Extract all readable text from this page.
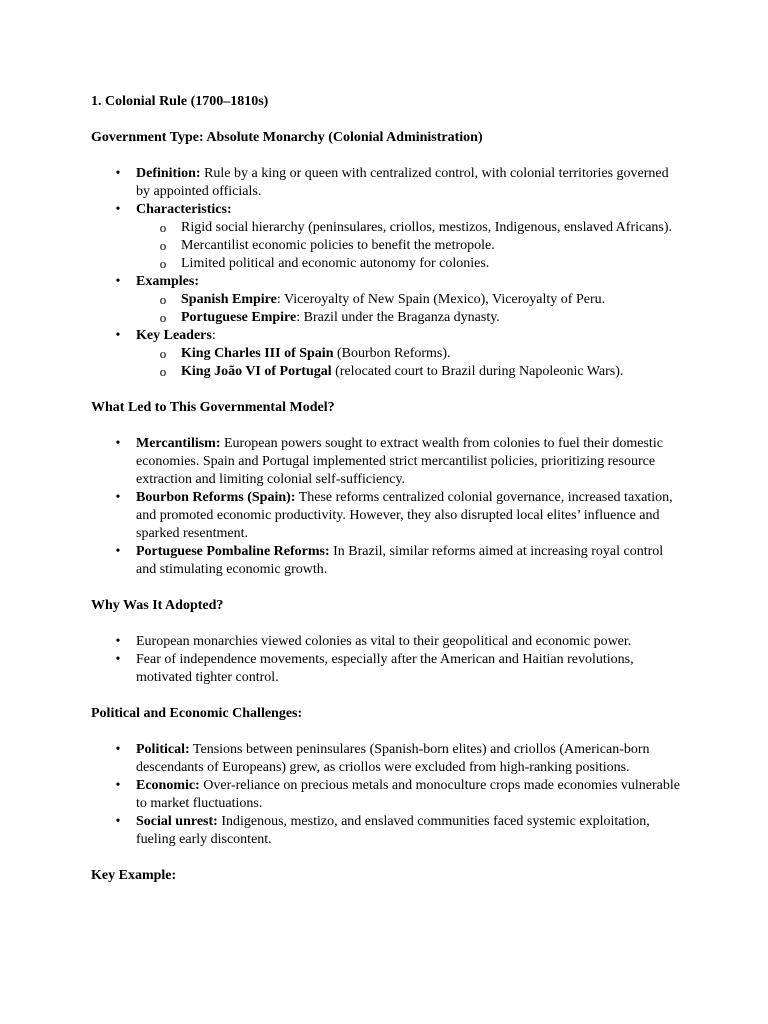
1. Colonial Rule (1700–1810s)
Government Type: Absolute Monarchy (Colonial Administration)
• Definition: Rule by a king or queen with centralized control, with colonial territories governed by appointed officials.
• Characteristics:
o Rigid social hierarchy (peninsulares, criollos, mestizos, Indigenous, enslaved Africans).
o Mercantilist economic policies to benefit the metropole.
o Limited political and economic autonomy for colonies.
• Examples:
o Spanish Empire: Viceroyalty of New Spain (Mexico), Viceroyalty of Peru.
o Portuguese Empire: Brazil under the Braganza dynasty.
• Key Leaders:
o King Charles III of Spain (Bourbon Reforms).
o King João VI of Portugal (relocated court to Brazil during Napoleonic Wars).
What Led to This Governmental Model?
• Mercantilism: European powers sought to extract wealth from colonies to fuel their domestic economies. Spain and Portugal implemented strict mercantilist policies, prioritizing resource extraction and limiting colonial self-sufficiency.
• Bourbon Reforms (Spain): These reforms centralized colonial governance, increased taxation, and promoted economic productivity. However, they also disrupted local elites’ influence and sparked resentment.
• Portuguese Pombaline Reforms: In Brazil, similar reforms aimed at increasing royal control and stimulating economic growth.
Why Was It Adopted?
• European monarchies viewed colonies as vital to their geopolitical and economic power.
• Fear of independence movements, especially after the American and Haitian revolutions, motivated tighter control.
Political and Economic Challenges:
• Political: Tensions between peninsulares (Spanish-born elites) and criollos (American-born descendants of Europeans) grew, as criollos were excluded from high-ranking positions.
• Economic: Over-reliance on precious metals and monoculture crops made economies vulnerable to market fluctuations.
• Social unrest: Indigenous, mestizo, and enslaved communities faced systemic exploitation, fueling early discontent.
Key Example:
